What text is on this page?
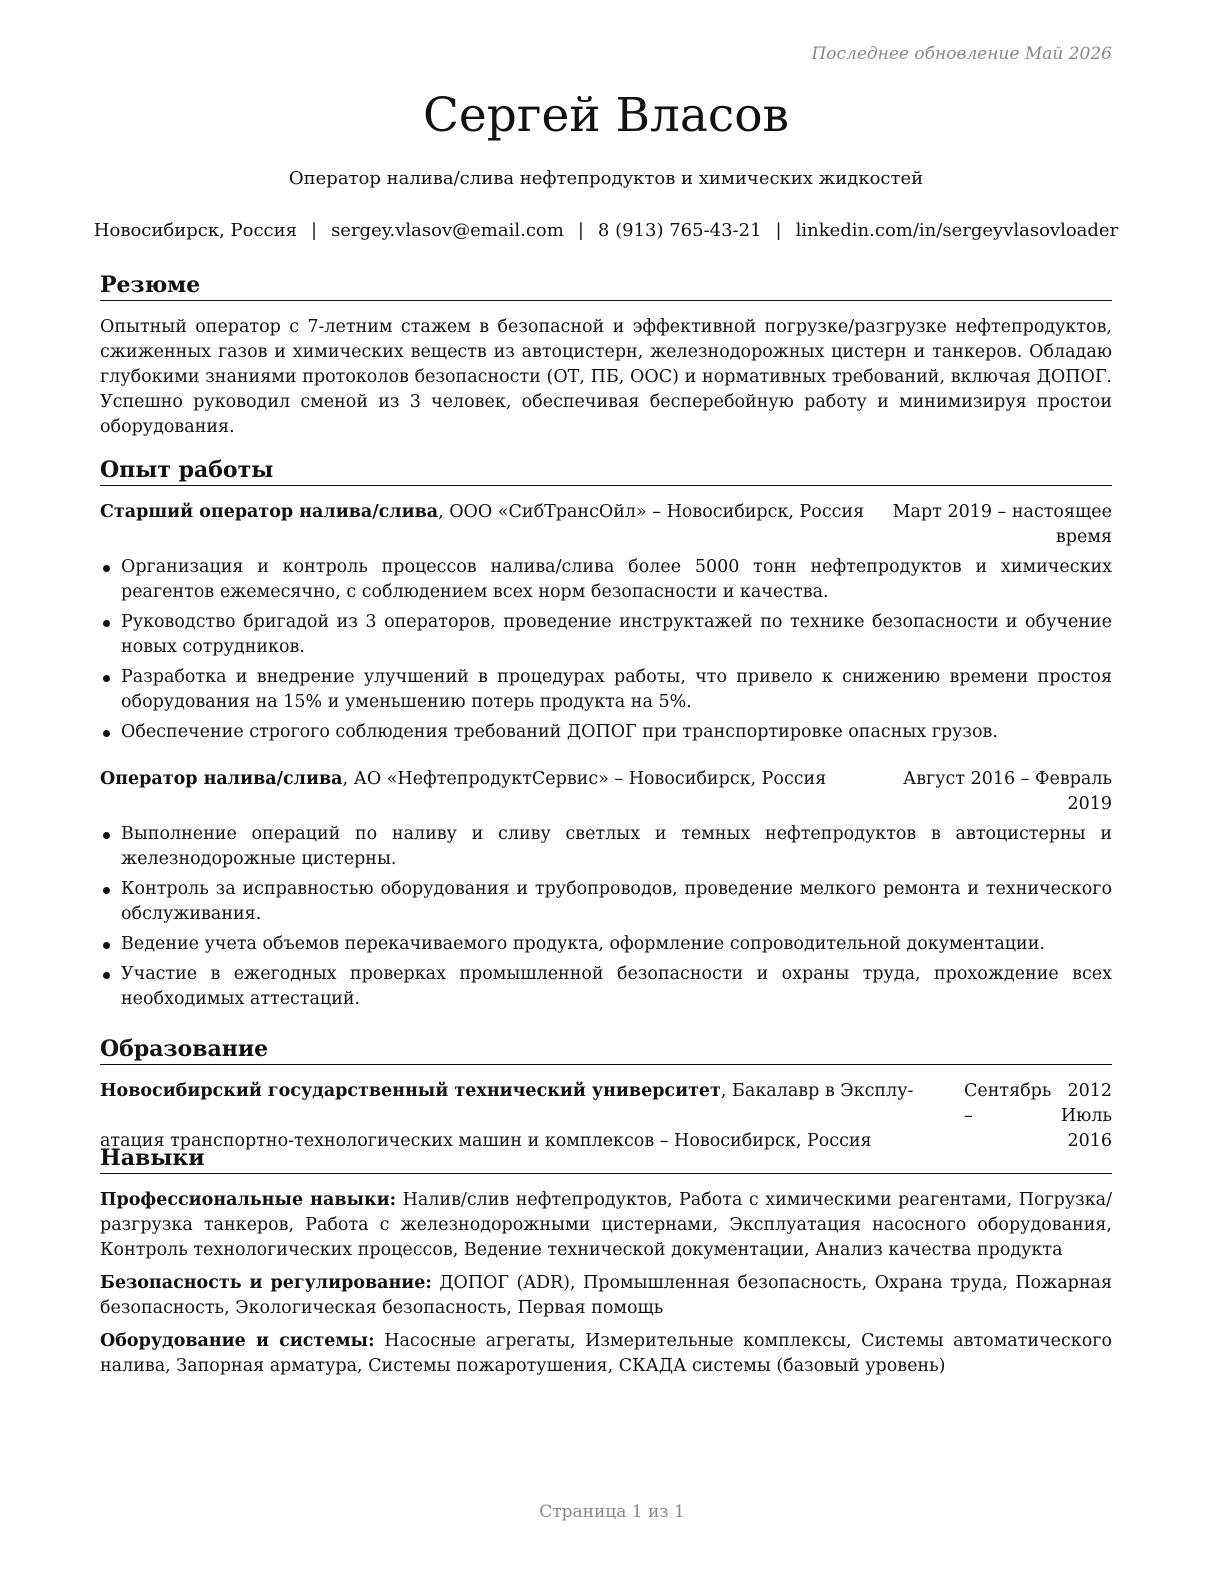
Последнее обновление Май 2026
Сергей Власов
Оператор налива/слива нефтепродуктов и химических жидкостей
Новосибирск, Россия | sergey.vlasov@email.com | 8 (913) 765-43-21 | linkedin.com/in/sergeyvlasovloader
Резюме

Опытный оператор с 7-летним стажем в безопасной и эффективной погрузке/разгрузке нефтепродуктов, сжиженных газов и химических веществ из автоцистерн, железнодорожных цистерн и танкеров. Обладаю глубокими знаниями протоколов безопасности (ОТ, ПБ, ООС) и нормативных требований, включая ДОПОГ. Успешно руководил сменой из 3 человек, обеспечивая бесперебойную работу и минимизируя простои оборудования.

Опыт работы
Старший оператор налива/слива, ООО «СибТрансОйл» – Новосибирск, Россия	Март 2019 – настоящее
время
Организация и контроль процессов налива/слива более 5000 тонн нефтепродуктов и химических реагентов ежемесячно, с соблюдением всех норм безопасности и качества.
Руководство бригадой из 3 операторов, проведение инструктажей по технике безопасности и обучение новых сотрудников.
Разработка и внедрение улучшений в процедурах работы, что привело к снижению времени простоя оборудования на 15% и уменьшению потерь продукта на 5%.
Обеспечение строгого соблюдения требований ДОПОГ при транспортировке опасных грузов.
Оператор налива/слива, АО «НефтепродуктСервис» – Новосибирск, Россия	Август 2016 – Февраль
2019
Выполнение операций по наливу и сливу светлых и темных нефтепродуктов в автоцистерны и железнодорожные цистерны.
Контроль за исправностью оборудования и трубопроводов, проведение мелкого ремонта и технического обслуживания.
Ведение учета объемов перекачиваемого продукта, оформление сопроводительной документации.
Участие в ежегодных проверках промышленной безопасности и охраны труда, прохождение всех необходимых аттестаций.
Образование
Новосибирский государственный технический университет, Бакалавр в Эксплу-	Сентябрь 2012 – Июль
атация транспортно-технологических машин и комплексов – Новосибирск, Россия	2016
Навыки

Профессиональные навыки: Налив/слив нефтепродуктов, Работа с химическими реагентами, Погрузка/разгрузка танкеров, Работа с железнодорожными цистернами, Эксплуатация насосного оборудования, Контроль технологических процессов, Ведение технической документации, Анализ качества продукта

Безопасность и регулирование: ДОПОГ (ADR), Промышленная безопасность, Охрана труда, Пожарная безопасность, Экологическая безопасность, Первая помощь

Оборудование и системы: Насосные агрегаты, Измерительные комплексы, Системы автоматического налива, Запорная арматура, Системы пожаротушения, СКАДА системы (базовый уровень)

Страница 1 из 1
